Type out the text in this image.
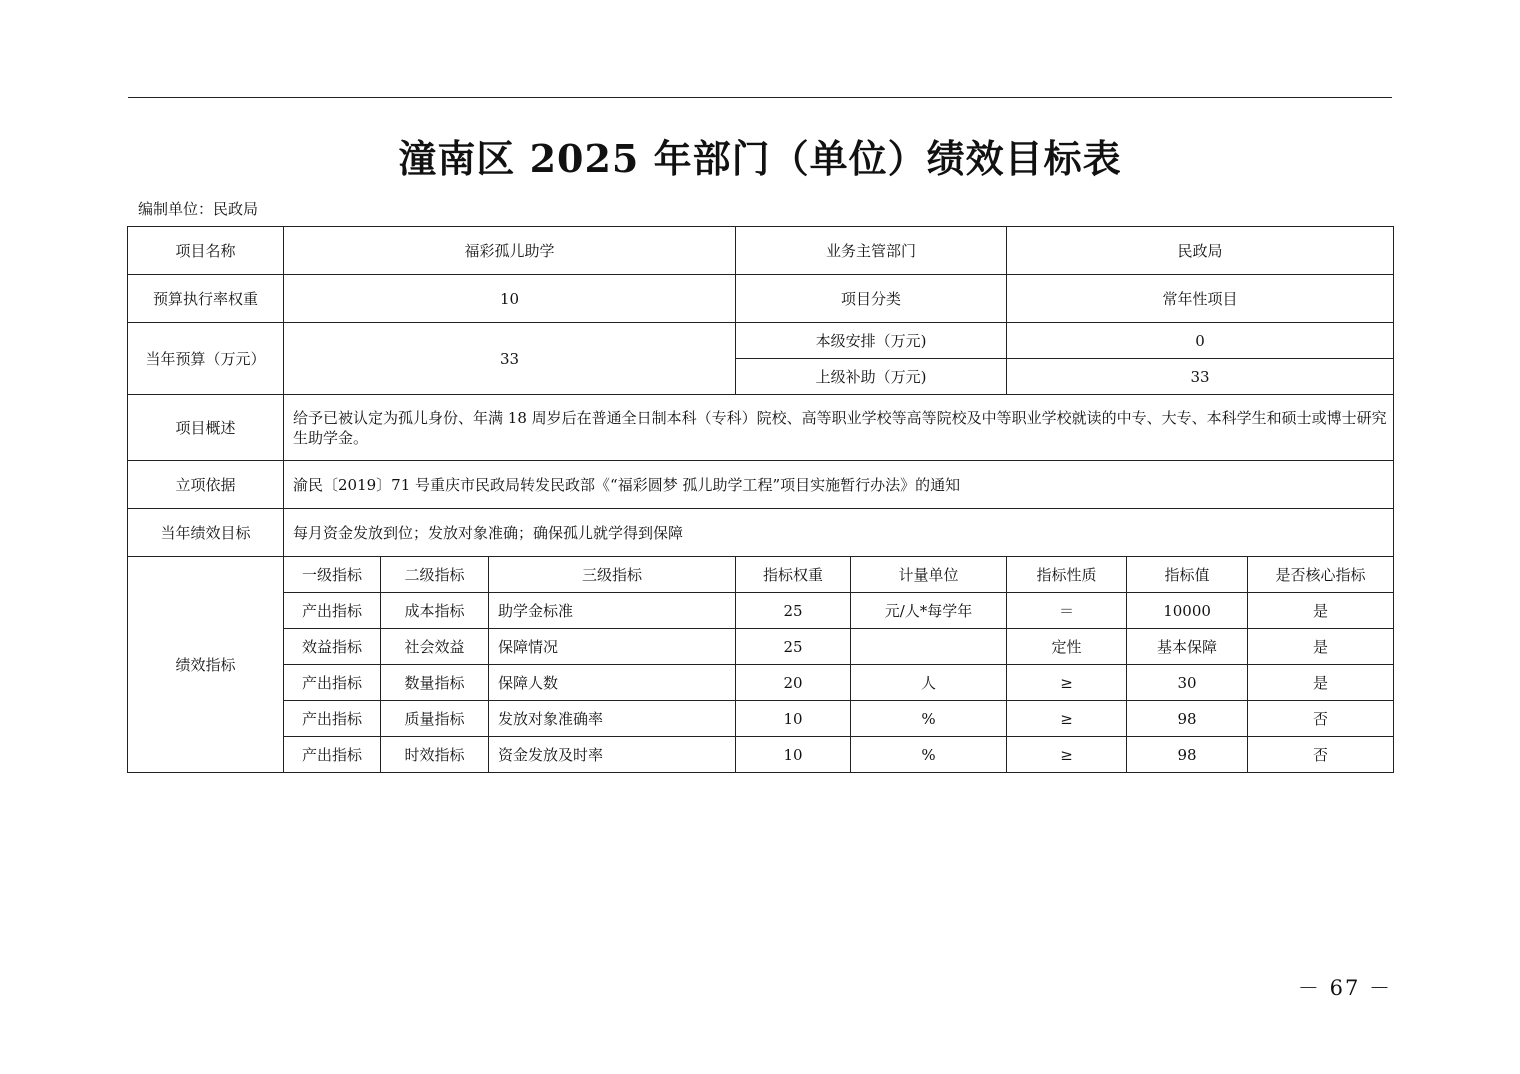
潼南区 2025 年部门（单位）绩效目标表
编制单位：民政局
项目名称	福彩孤儿助学			业务主管部门		民政局		
预算执行率权重	10			项目分类		常年性项目		
当年预算（万元）	33			本级安排（万元)		0		
				上级补助（万元)		33		
项目概述	给予已被认定为孤儿身份、年满 18 周岁后在普通全日制本科（专科）院校、高等职业学校等高等院校及中等职业学校就读的中专、大专、本科学生和硕士或博士研究生助学金。							
立项依据	渝民〔2019〕71 号重庆市民政局转发民政部《“福彩圆梦 孤儿助学工程”项目实施暂行办法》的通知							
当年绩效目标	每月资金发放到位；发放对象准确；确保孤儿就学得到保障							
绩效指标	一级指标	二级指标	三级指标	指标权重	计量单位	指标性质	指标值	是否核心指标
	产出指标	成本指标	助学金标准	25	元/人*每学年	＝	10000	是
	效益指标	社会效益	保障情况	25		定性	基本保障	是
	产出指标	数量指标	保障人数	20	人	≥	30	是
	产出指标	质量指标	发放对象准确率	10	%	≥	98	否
	产出指标	时效指标	资金发放及时率	10	%	≥	98	否
－ 67 －
